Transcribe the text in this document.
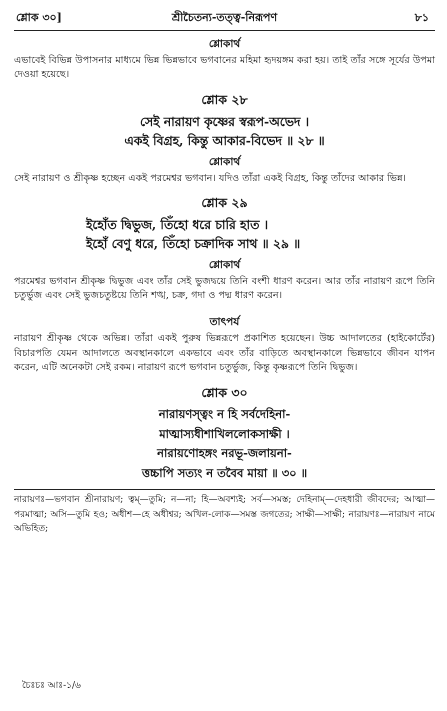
শ্লোক ৩০]	শ্রীচৈতন্য-তত্ত্ব-নিরূপণ	৮১

শ্লোকার্থ

এভাবেই বিভিন্ন উপাসনার মাধ্যমে ভিন্ন ভিন্নভাবে ভগবানের মহিমা হৃদয়ঙ্গম করা হয়। তাই তাঁর সঙ্গে সূর্যের উপমা দেওয়া হয়েছে।

শ্লোক ২৮

সেই নারায়ণ কৃষ্ণের স্বরূপ-অভেদ ।

একই বিগ্রহ, কিন্তু আকার-বিভেদ ॥ ২৮ ॥

শ্লোকার্থ

সেই নারায়ণ ও শ্রীকৃষ্ণ হচ্ছেন একই পরমেশ্বর ভগবান। যদিও তাঁরা একই বিগ্রহ, কিন্তু তাঁদের আকার ভিন্ন।

শ্লোক ২৯

ইহোঁত দ্বিভুজ, তিঁহো ধরে চারি হাত ।

ইহোঁ বেণু ধরে, তিঁহো চক্রাদিক সাথ ॥ ২৯ ॥

শ্লোকার্থ

পরমেশ্বর ভগবান শ্রীকৃষ্ণ দ্বিভুজ এবং তাঁর সেই ভুজদ্বয়ে তিনি বংশী ধারণ করেন। আর তাঁর নারায়ণ রূপে তিনি চতুর্ভুজ এবং সেই ভুজচতুষ্টয়ে তিনি শঙ্খ, চক্র, গদা ও পদ্ম ধারণ করেন।

তাৎপর্য

নারায়ণ শ্রীকৃষ্ণ থেকে অভিন্ন। তাঁরা একই পুরুষ ভিন্নরূপে প্রকাশিত হয়েছেন। উচ্চ আদালতের (হাইকোর্টের) বিচারপতি যেমন আদালতে অবস্থানকালে একভাবে এবং তাঁর বাড়িতে অবস্থানকালে ভিন্নভাবে জীবন যাপন করেন, এটি অনেকটা সেই রকম। নারায়ণ রূপে ভগবান চতুর্ভুজ, কিন্তু কৃষ্ণরূপে তিনি দ্বিভুজ।

শ্লোক ৩০

নারায়ণস্ত্বং ন হি সর্বদেহিনা-

মাত্মাস্যধীশাখিললোকসাক্ষী ।

নারায়ণোহঙ্গং নরভূ-জলায়না-

ত্তচ্চাপি সত্যং ন তবৈব মায়া ॥ ৩০ ॥

নারায়ণঃ—ভগবান শ্রীনারায়ণ; ত্বম্—তুমি; ন—না; হি—অবশ্যই; সর্ব—সমস্ত; দেহিনাম্—দেহধারী জীবদের; আত্মা—পরমাত্মা; অসি—তুমি হও; অধীশ—হে অধীশ্বর; অখিল-লোক—সমস্ত জগতের; সাক্ষী—সাক্ষী; নারায়ণঃ—নারায়ণ নামে অভিহিত;

চৈঃচঃ আঃ-১/৬
